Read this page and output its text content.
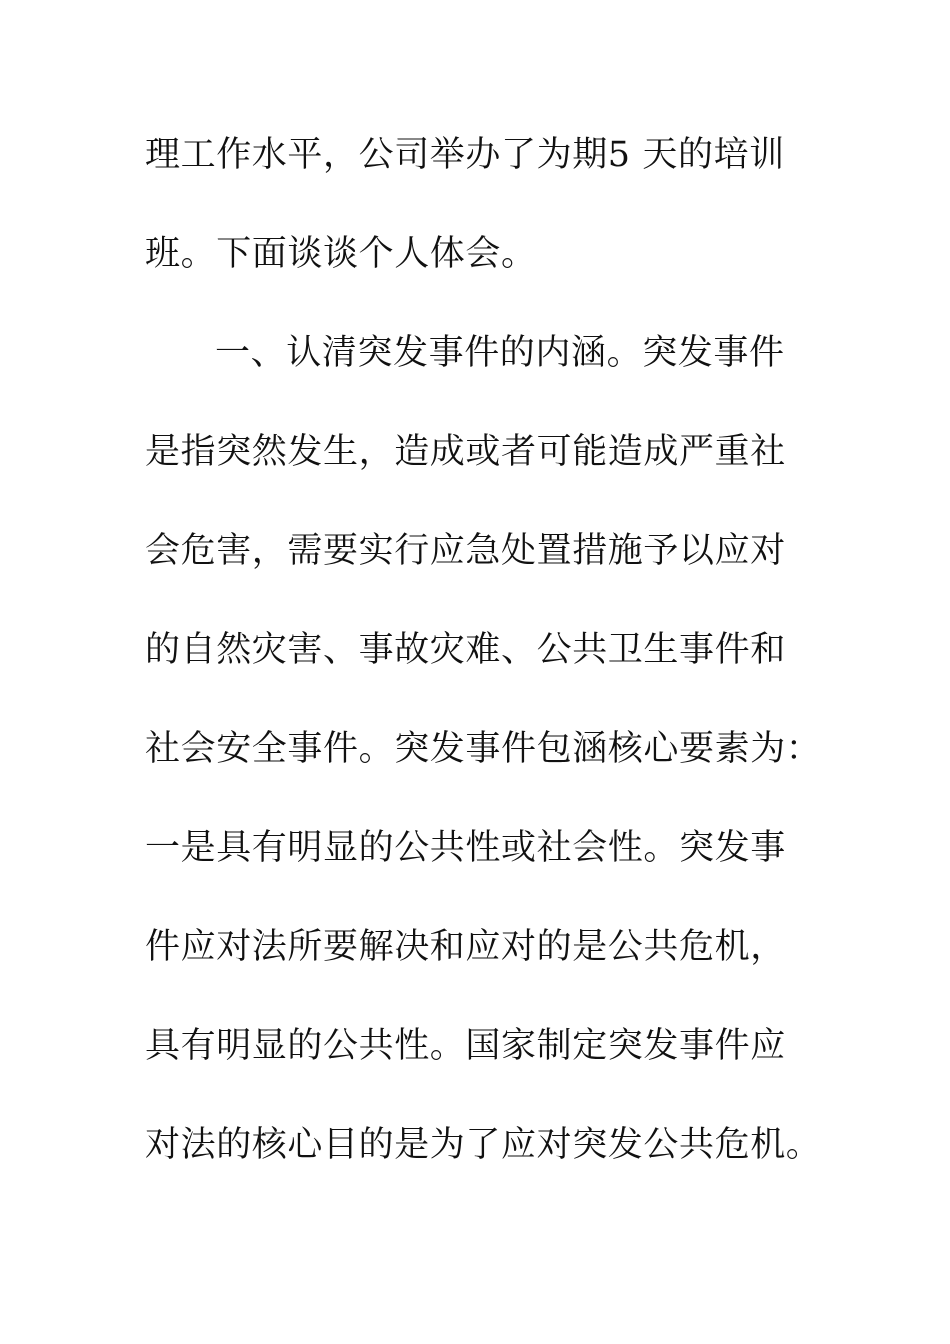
理工作水平，公司举办了为期5 天的培训
班。下面谈谈个人体会。
一、认清突发事件的内涵。突发事件
是指突然发生，造成或者可能造成严重社
会危害，需要实行应急处置措施予以应对
的自然灾害、事故灾难、公共卫生事件和
社会安全事件。突发事件包涵核心要素为：
一是具有明显的公共性或社会性。突发事
件应对法所要解决和应对的是公共危机，
具有明显的公共性。国家制定突发事件应
对法的核心目的是为了应对突发公共危机。
